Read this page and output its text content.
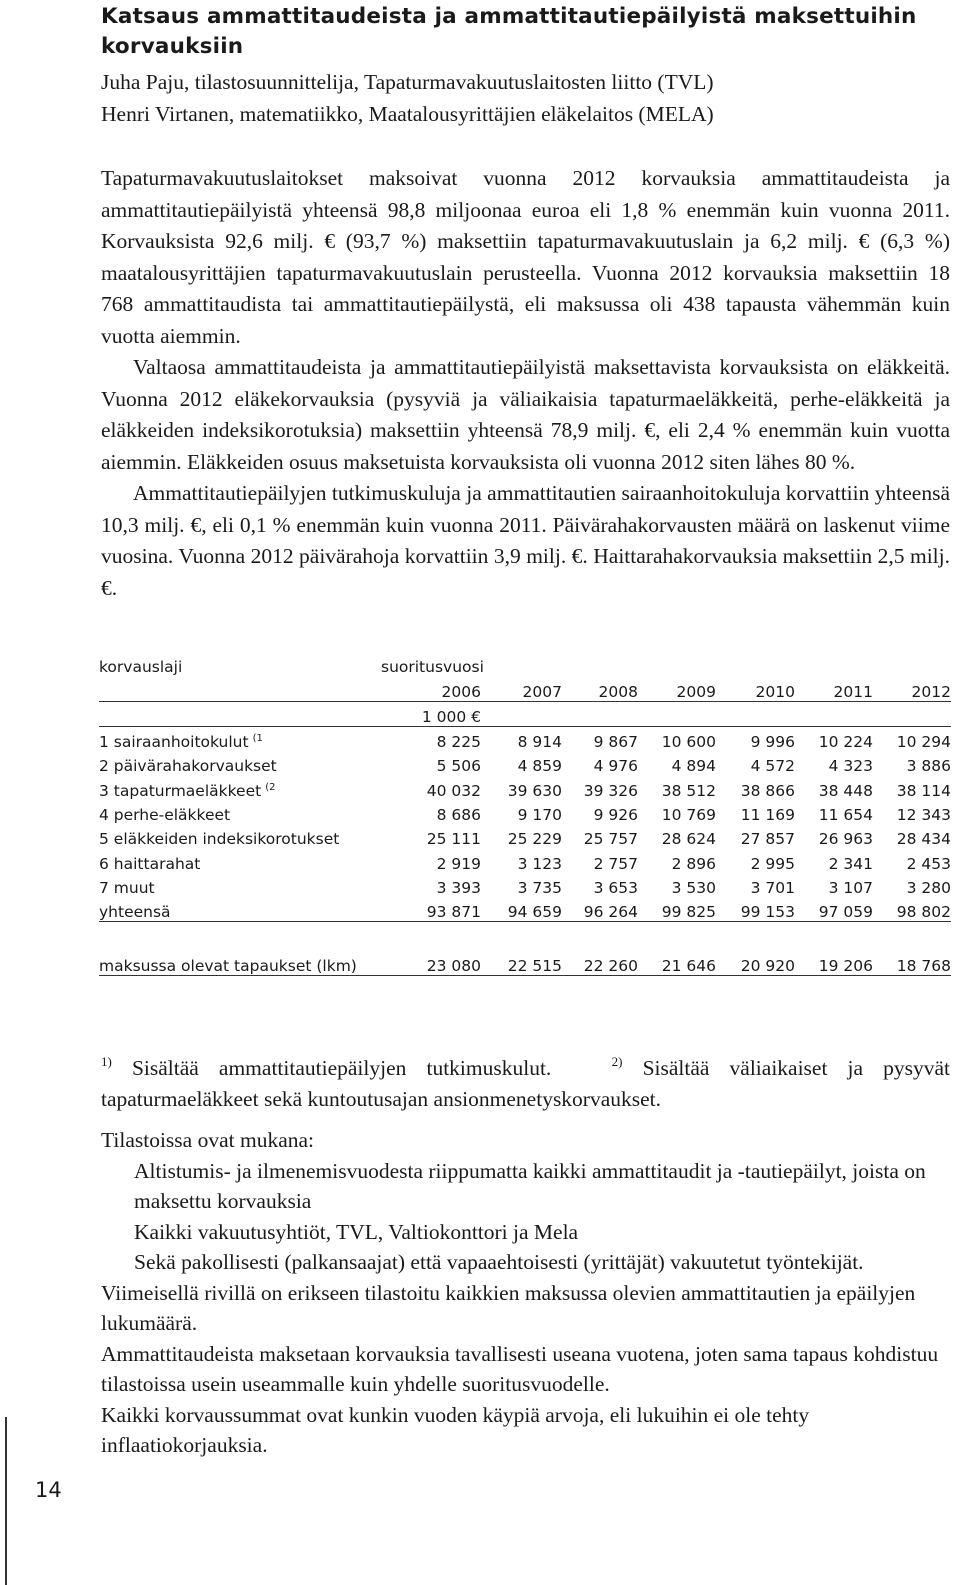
Katsaus ammattitaudeista ja ammattitautiepäilyistä maksettuihin korvauksiin
Juha Paju, tilastosuunnittelija, Tapaturmavakuutuslaitosten liitto (TVL)
Henri Virtanen, matematiikko, Maatalousyrittäjien eläkelaitos (MELA)

Tapaturmavakuutuslaitokset maksoivat vuonna 2012 korvauksia ammattitaudeista ja ammattitautiepäilyistä yhteensä 98,8 miljoonaa euroa eli 1,8 % enemmän kuin vuonna 2011. Korvauksista 92,6 milj. € (93,7 %) maksettiin tapaturmavakuutuslain ja 6,2 milj. € (6,3 %) maatalousyrittäjien tapaturmavakuutuslain perusteella. Vuonna 2012 korvauksia maksettiin 18 768 ammattitaudista tai ammattitautiepäilystä, eli maksussa oli 438 tapausta vähemmän kuin vuotta aiemmin.

Valtaosa ammattitaudeista ja ammattitautiepäilyistä maksettavista korvauksista on eläkkeitä. Vuonna 2012 eläkekorvauksia (pysyviä ja väliaikaisia tapaturmaeläkkeitä, perhe-eläkkeitä ja eläkkeiden indeksikorotuksia) maksettiin yhteensä 78,9 milj. €, eli 2,4 % enemmän kuin vuotta aiemmin. Eläkkeiden osuus maksetuista korvauksista oli vuonna 2012 siten lähes 80 %.

Ammattitautiepäilyjen tutkimuskuluja ja ammattitautien sairaanhoitokuluja korvattiin yhteensä 10,3 milj. €, eli 0,1 % enemmän kuin vuonna 2011. Päivärahakorvausten määrä on laskenut viime vuosina. Vuonna 2012 päivärahoja korvattiin 3,9 milj. €. Haittarahakorvauksia maksettiin 2,5 milj. €.

korvauslaji	suoritusvuosi						
	2006	2007	2008	2009	2010	2011	2012
	1 000 €						
1 sairaanhoitokulut $^{(1}$	8 225	8 914	9 867	10 600	9 996	10 224	10 294
2 päivärahakorvaukset	5 506	4 859	4 976	4 894	4 572	4 323	3 886
3 tapaturmaeläkkeet $^{(2}$	40 032	39 630	39 326	38 512	38 866	38 448	38 114
4 perhe-eläkkeet	8 686	9 170	9 926	10 769	11 169	11 654	12 343
5 eläkkeiden indeksikorotukset	25 111	25 229	25 757	28 624	27 857	26 963	28 434
6 haittarahat	2 919	3 123	2 757	2 896	2 995	2 341	2 453
7 muut	3 393	3 735	3 653	3 530	3 701	3 107	3 280
yhteensä	93 871	94 659	96 264	99 825	99 153	97 059	98 802

maksussa olevat tapaukset (lkm)	23 080	22 515	22 260	21 646	20 920	19 206	18 768
$^{1)}$ Sisältää ammattitautiepäilyjen tutkimuskulut.	$^{2)}$ Sisältää väliaikaiset ja pysyvät tapaturmaeläkkeet sekä kuntoutusajan ansionmenetyskorvaukset.

Tilastoissa ovat mukana:

Altistumis- ja ilmenemisvuodesta riippumatta kaikki ammattitaudit ja -tautiepäilyt, joista on maksettu korvauksia

Kaikki vakuutusyhtiöt, TVL, Valtiokonttori ja Mela

Sekä pakollisesti (palkansaajat) että vapaaehtoisesti (yrittäjät) vakuutetut työntekijät.

Viimeisellä rivillä on erikseen tilastoitu kaikkien maksussa olevien ammattitautien ja epäilyjen lukumäärä.

Ammattitaudeista maksetaan korvauksia tavallisesti useana vuotena, joten sama tapaus kohdistuu tilastoissa usein useammalle kuin yhdelle suoritusvuodelle.

Kaikki korvaussummat ovat kunkin vuoden käypiä arvoja, eli lukuihin ei ole tehty inflaatiokorjauksia.

14
